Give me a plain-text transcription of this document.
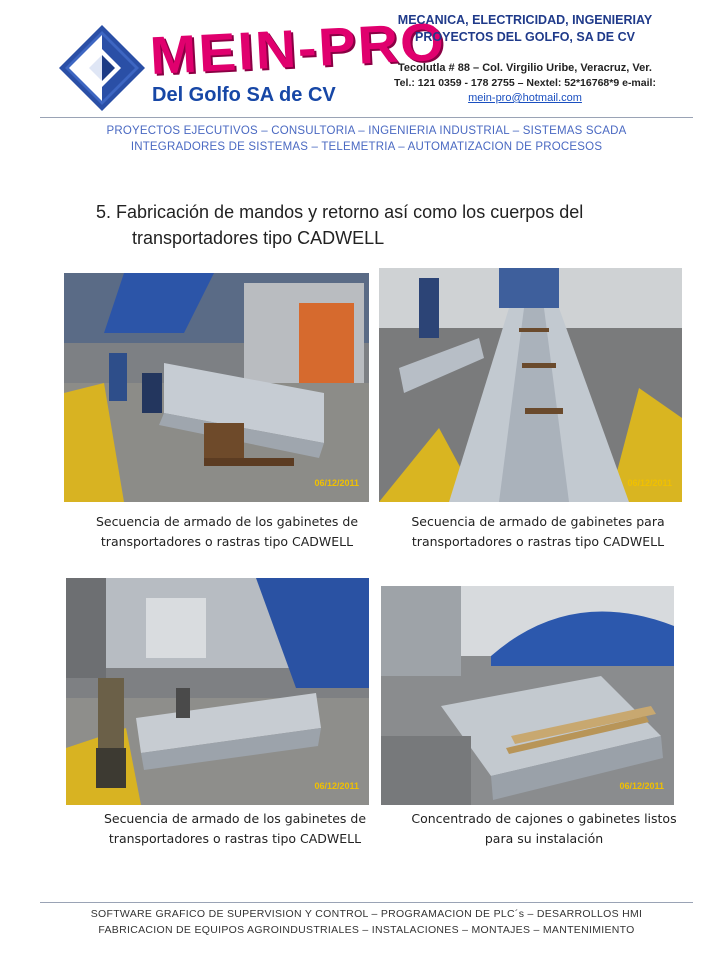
MEIN-PRO
Del Golfo SA de CV
MECANICA, ELECTRICIDAD, INGENIERIAY
PROYECTOS DEL GOLFO, SA DE CV
Tecolutla # 88 – Col. Virgilio Uribe, Veracruz, Ver.
Tel.: 121 0359 - 178 2755 – Nextel: 52*16768*9 e-mail:
mein-pro@hotmail.com
PROYECTOS EJECUTIVOS – CONSULTORIA – INGENIERIA INDUSTRIAL – SISTEMAS SCADA
INTEGRADORES DE SISTEMAS – TELEMETRIA – AUTOMATIZACION DE PROCESOS
5. Fabricación de mandos y retorno así como los cuerpos del
transportadores tipo CADWELL
06/12/2011	06/12/2011
Secuencia de armado de los gabinetes de
transportadores o rastras tipo CADWELL
Secuencia de armado de gabinetes para
transportadores o rastras tipo CADWELL
06/12/2011	06/12/2011
Secuencia de armado de los gabinetes de
transportadores o rastras tipo CADWELL
Concentrado de cajones o gabinetes listos
para su instalación
SOFTWARE GRAFICO DE SUPERVISION Y CONTROL – PROGRAMACION DE PLC´s – DESARROLLOS HMI
FABRICACION DE EQUIPOS AGROINDUSTRIALES – INSTALACIONES – MONTAJES – MANTENIMIENTO
